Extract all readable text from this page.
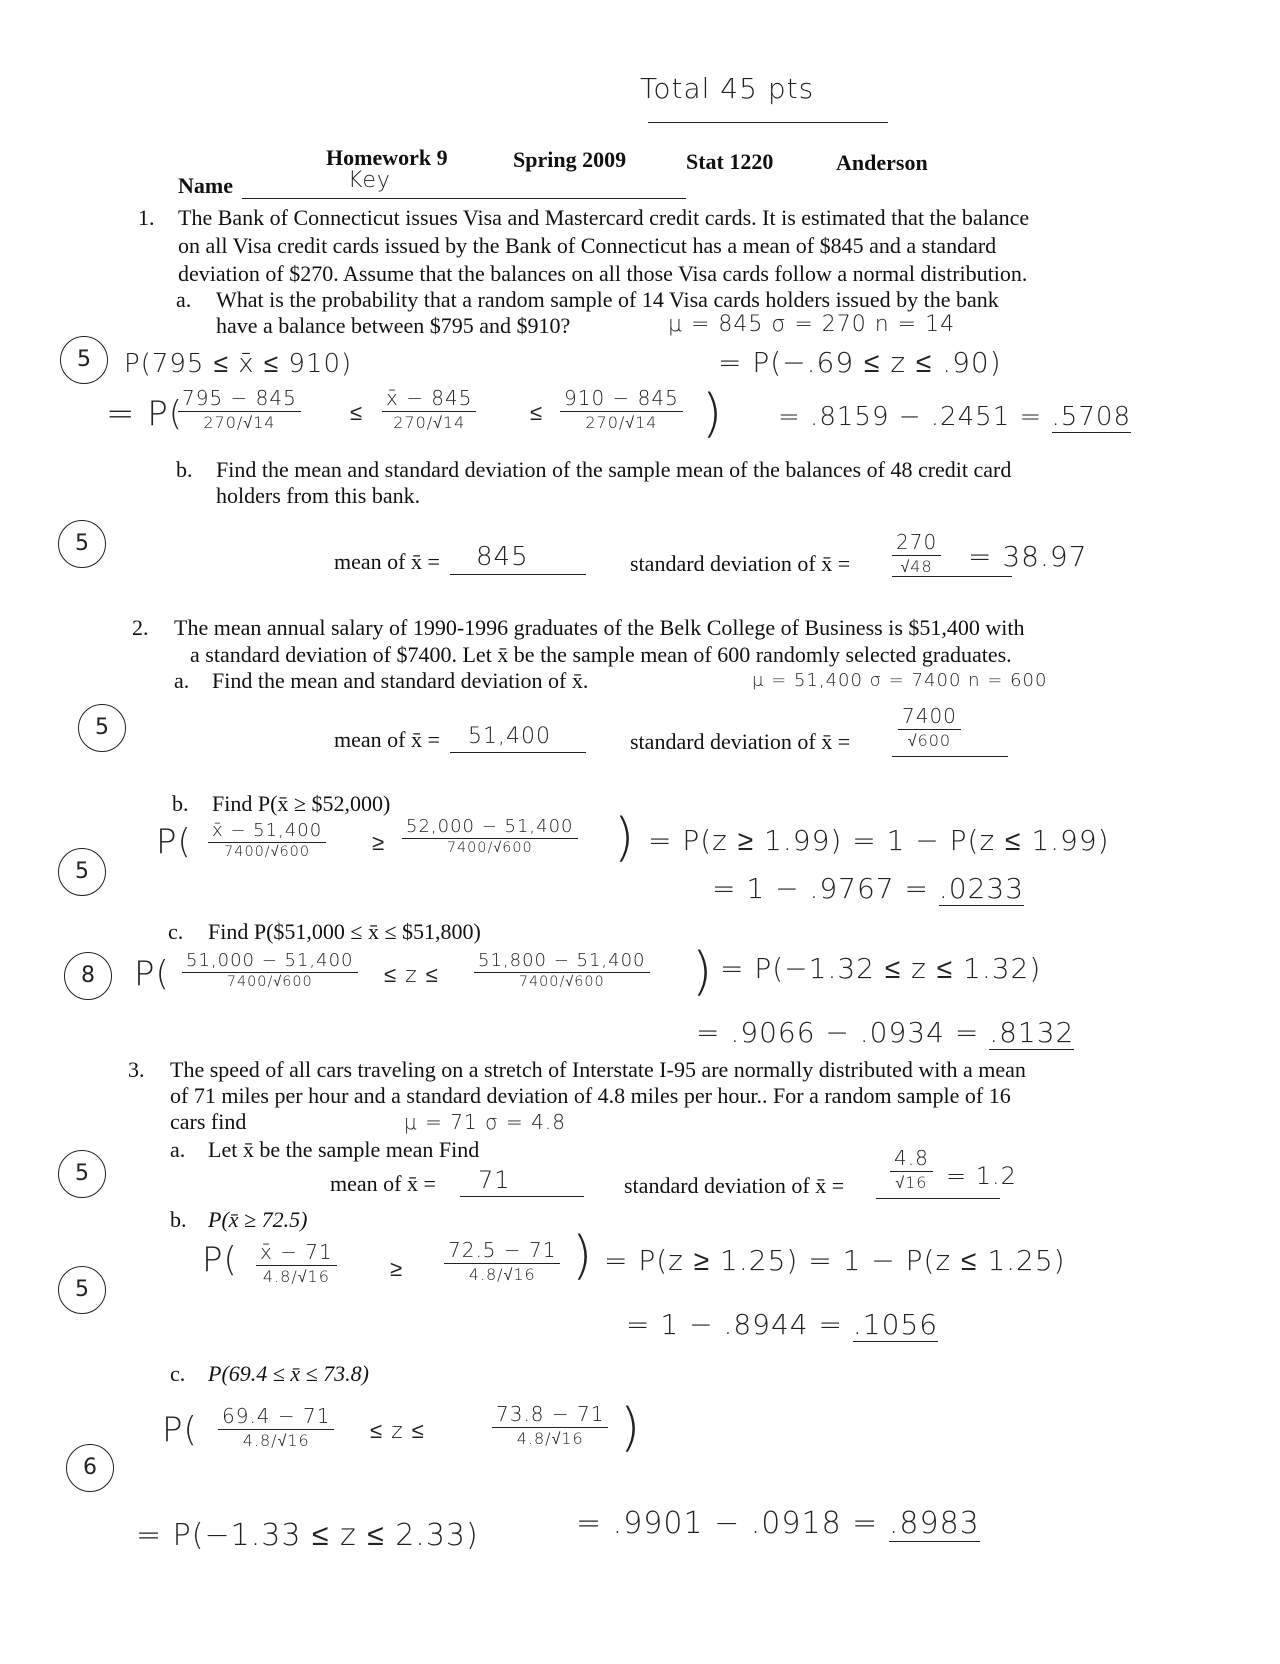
Total 45 pts
Homework 9	Spring 2009	Stat 1220	Anderson
Name	Key
1. The Bank of Connecticut issues Visa and Mastercard credit cards. It is estimated that the balance
on all Visa credit cards issued by the Bank of Connecticut has a mean of $845 and a standard
deviation of $270. Assume that the balances on all those Visa cards follow a normal distribution.
a. What is the probability that a random sample of 14 Visa cards holders issued by the bank
have a balance between $795 and $910?	μ = 845 σ = 270 n = 14
5	P(795 ≤ x̄ ≤ 910)	= P(−.69 ≤ z ≤ .90)
= P(
795 − 845
270/√14	≤
x̄ − 845
270/√14	≤
910 − 845
270/√14 ) = .8159 − .2451 = .5708
b. Find the mean and standard deviation of the sample mean of the balances of 48 credit card
holders from this bank.
5
mean of x̄ = 845	standard deviation of x̄ =
270
√48	= 38.97
2. The mean annual salary of 1990-1996 graduates of the Belk College of Business is $51,400 with
a standard deviation of $7400. Let x̄ be the sample mean of 600 randomly selected graduates.
a. Find the mean and standard deviation of x̄.	μ = 51,400 σ = 7400 n = 600
5	mean of x̄ = 51,400	standard deviation of x̄ =
7400
√600
b. Find P(x̄ ≥ $52,000)
5
P( x̄ − 51,400
7400/√600	≥
52,000 − 51,400
7400/√600	) = P(z ≥ 1.99) = 1 − P(z ≤ 1.99)
= 1 − .9767 = .0233
c. Find P($51,000 ≤ x̄ ≤ $51,800)
8	P( 51,000 − 51,400
7400/√600	≤ z ≤
51,800 − 51,400
7400/√600	) = P(−1.32 ≤ z ≤ 1.32)
= .9066 − .0934 = .8132
3. The speed of all cars traveling on a stretch of Interstate I-95 are normally distributed with a mean
of 71 miles per hour and a standard deviation of 4.8 miles per hour.. For a random sample of 16
cars find	μ = 71 σ = 4.8
a. Let x̄ be the sample mean Find
5	mean of x̄ = 71	standard deviation of x̄ =
4.8
√16 = 1.2
b. P(x̄ ≥ 72.5)
5
P( x̄ − 71
4.8/√16	≥
72.5 − 71
4.8/√16 ) = P(z ≥ 1.25) = 1 − P(z ≤ 1.25)
= 1 − .8944 = .1056
c. P(69.4 ≤ x̄ ≤ 73.8)
6
P( 69.4 − 71
4.8/√16	≤ z ≤
73.8 − 71
4.8/√16 )
= P(−1.33 ≤ z ≤ 2.33)	= .9901 − .0918 = .8983
